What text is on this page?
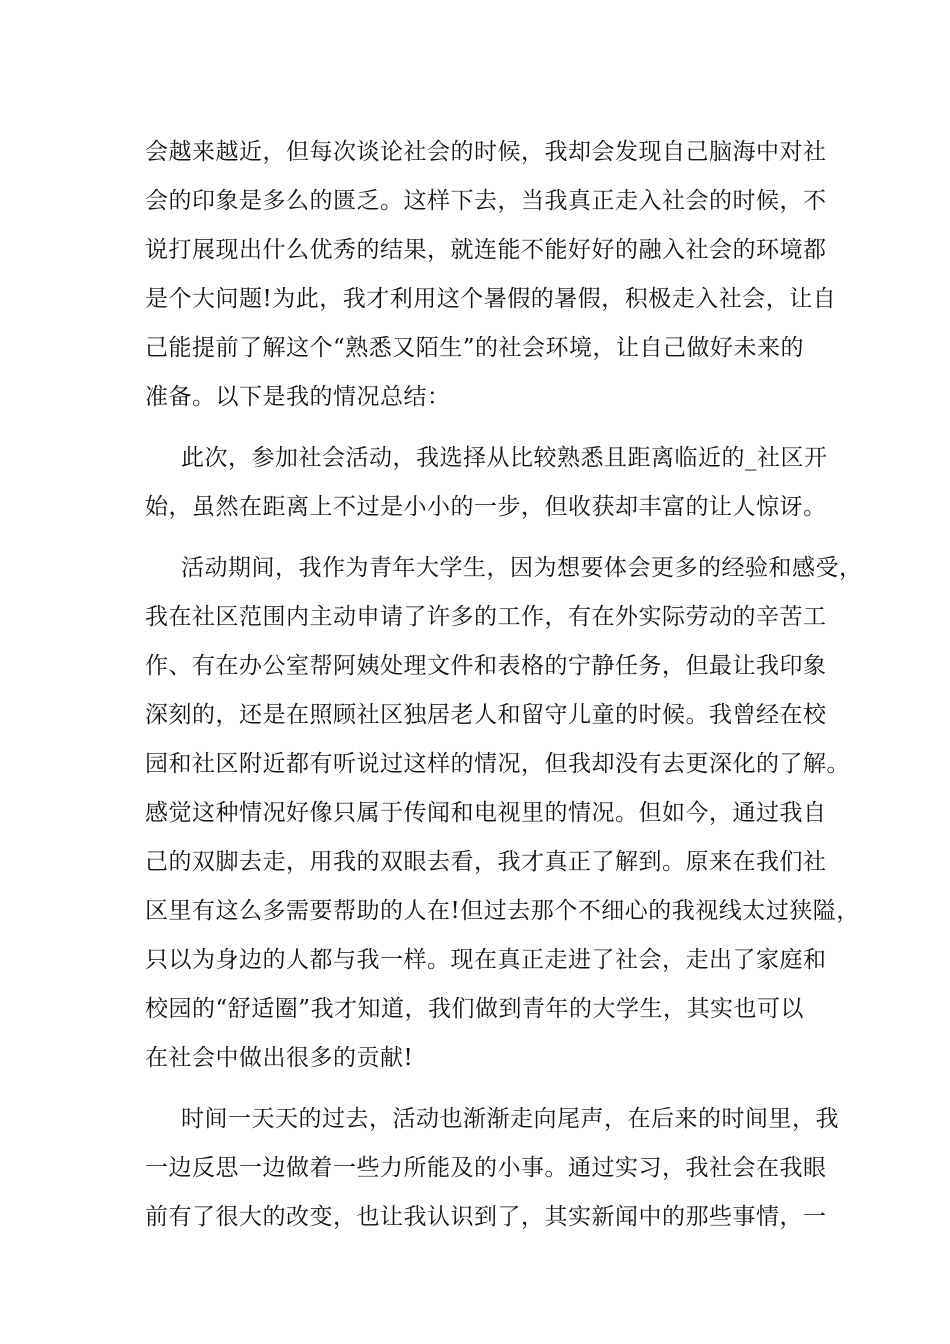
会越来越近，但每次谈论社会的时候，我却会发现自己脑海中对社
会的印象是多么的匮乏。这样下去，当我真正走入社会的时候，不
说打展现出什么优秀的结果，就连能不能好好的融入社会的环境都
是个大问题!为此，我才利用这个暑假的暑假，积极走入社会，让自
己能提前了解这个“熟悉又陌生”的社会环境，让自己做好未来的
准备。以下是我的情况总结：
此次，参加社会活动，我选择从比较熟悉且距离临近的_社区开
始，虽然在距离上不过是小小的一步，但收获却丰富的让人惊讶。
活动期间，我作为青年大学生，因为想要体会更多的经验和感受，
我在社区范围内主动申请了许多的工作，有在外实际劳动的辛苦工
作、有在办公室帮阿姨处理文件和表格的宁静任务，但最让我印象
深刻的，还是在照顾社区独居老人和留守儿童的时候。我曾经在校
园和社区附近都有听说过这样的情况，但我却没有去更深化的了解。
感觉这种情况好像只属于传闻和电视里的情况。但如今，通过我自
己的双脚去走，用我的双眼去看，我才真正了解到。原来在我们社
区里有这么多需要帮助的人在!但过去那个不细心的我视线太过狭隘，
只以为身边的人都与我一样。现在真正走进了社会，走出了家庭和
校园的“舒适圈”我才知道，我们做到青年的大学生，其实也可以
在社会中做出很多的贡献!
时间一天天的过去，活动也渐渐走向尾声，在后来的时间里，我
一边反思一边做着一些力所能及的小事。通过实习，我社会在我眼
前有了很大的改变，也让我认识到了，其实新闻中的那些事情，一
